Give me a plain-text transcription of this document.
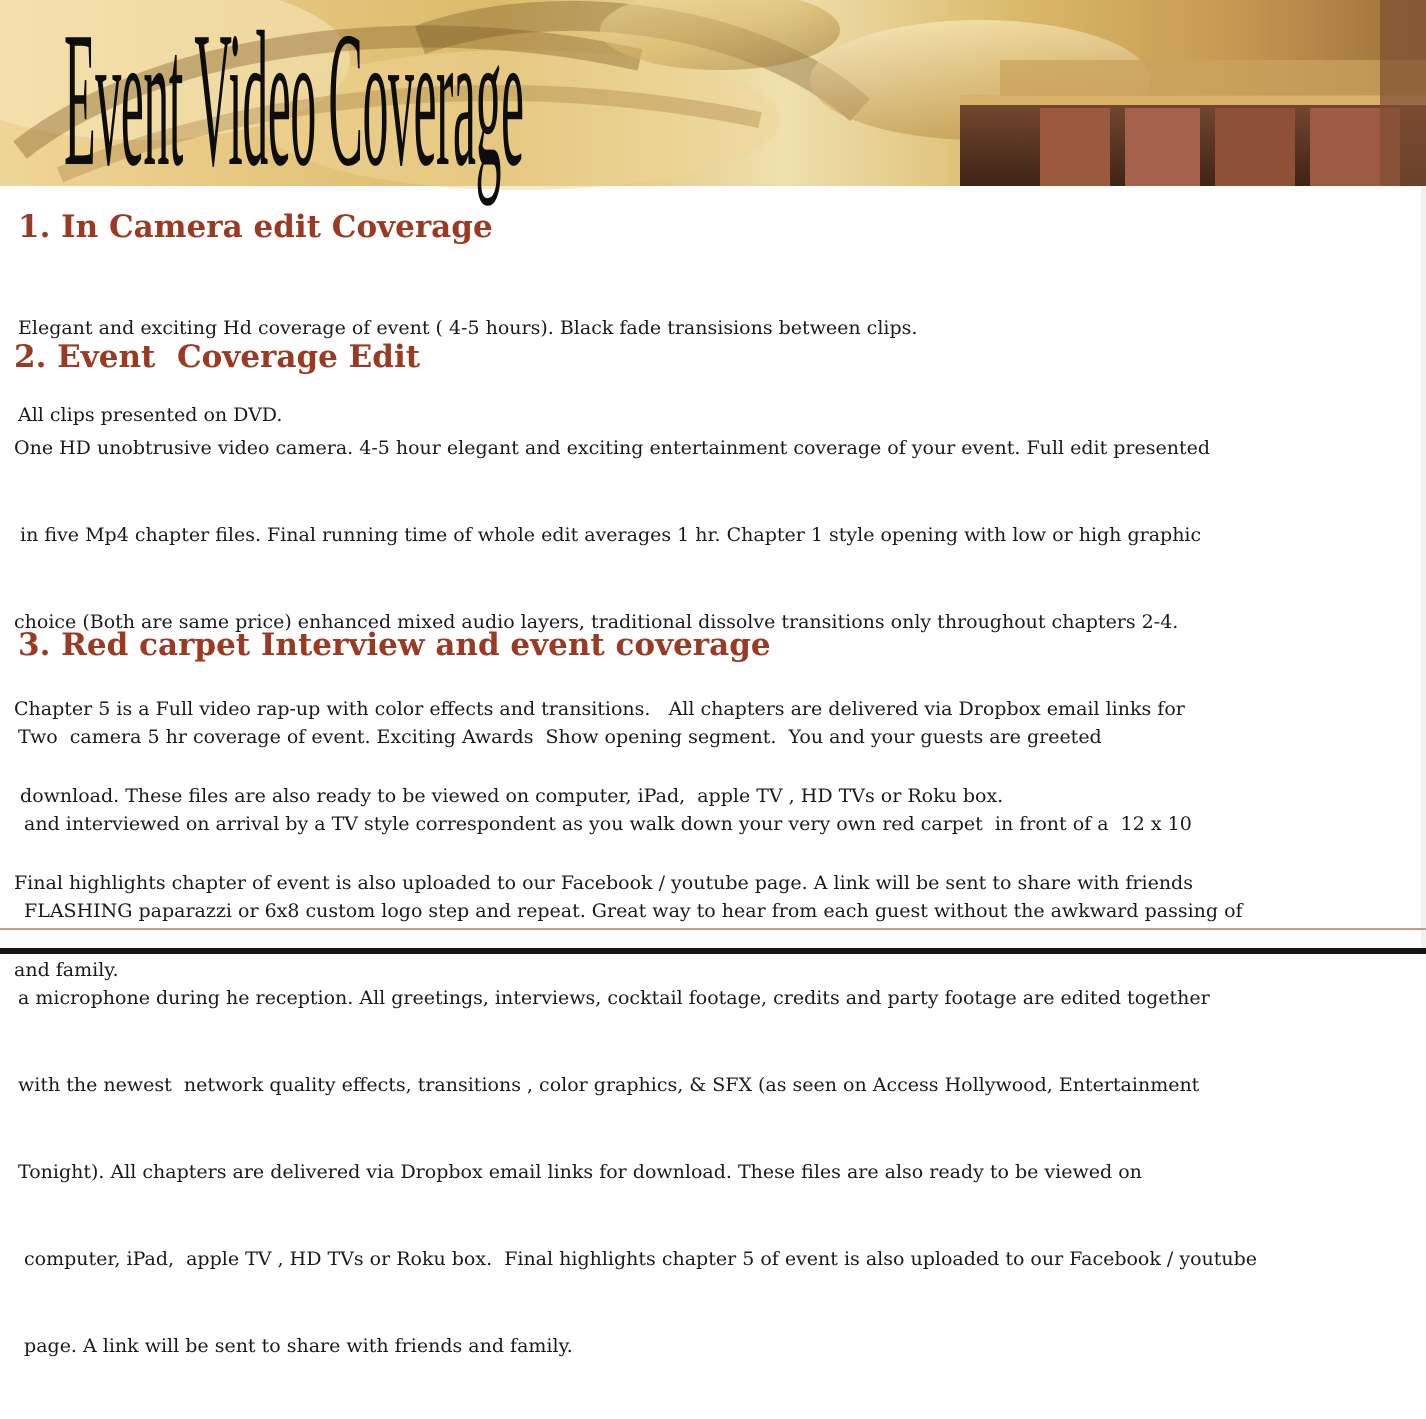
Event Video Coverage
1. In Camera edit Coverage

Elegant and exciting Hd coverage of event ( 4-5 hours). Black fade transisions between clips.

All clips presented on DVD.

2. Event  Coverage Edit

One HD unobtrusive video camera. 4-5 hour elegant and exciting entertainment coverage of your event. Full edit presented

in five Mp4 chapter files. Final running time of whole edit averages 1 hr. Chapter 1 style opening with low or high graphic

choice (Both are same price) enhanced mixed audio layers, traditional dissolve transitions only throughout chapters 2-4.

Chapter 5 is a Full video rap-up with color effects and transitions.   All chapters are delivered via Dropbox email links for

download. These files are also ready to be viewed on computer, iPad,  apple TV , HD TVs or Roku box.

Final highlights chapter of event is also uploaded to our Facebook / youtube page. A link will be sent to share with friends

and family.

3. Red carpet Interview and event coverage

Two  camera 5 hr coverage of event. Exciting Awards  Show opening segment.  You and your guests are greeted

and interviewed on arrival by a TV style correspondent as you walk down your very own red carpet  in front of a  12 x 10

FLASHING paparazzi or 6x8 custom logo step and repeat. Great way to hear from each guest without the awkward passing of

a microphone during he reception. All greetings, interviews, cocktail footage, credits and party footage are edited together

with the newest  network quality effects, transitions , color graphics, & SFX (as seen on Access Hollywood, Entertainment

Tonight). All chapters are delivered via Dropbox email links for download. These files are also ready to be viewed on

computer, iPad,  apple TV , HD TVs or Roku box.  Final highlights chapter 5 of event is also uploaded to our Facebook / youtube

page. A link will be sent to share with friends and family.
